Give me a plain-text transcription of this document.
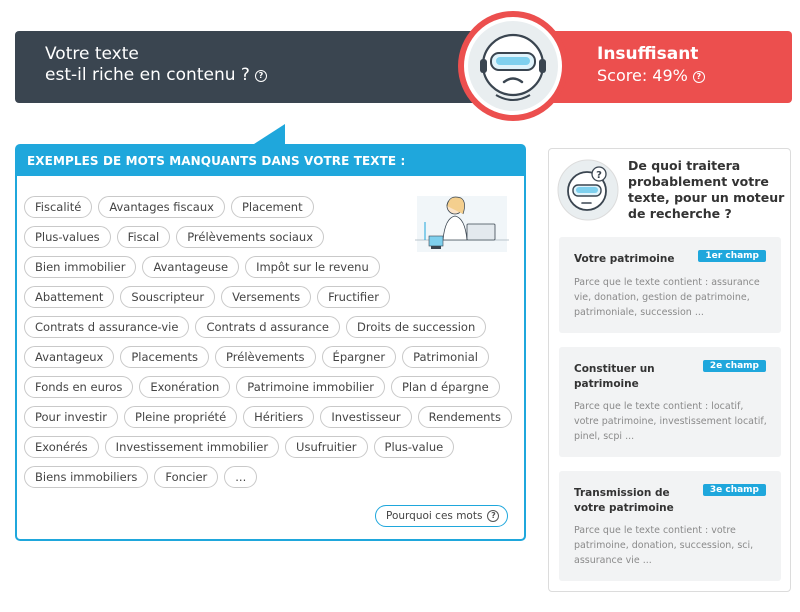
Votre texte
est-il riche en contenu ? ?
Insuffisant
Score: 49% ?
EXEMPLES DE MOTS MANQUANTS DANS VOTRE TEXTE :
Fiscalité	Avantages fiscaux	Placement
Plus-values	Fiscal	Prélèvements sociaux
Bien immobilier	Avantageuse	Impôt sur le revenu
Abattement	Souscripteur	Versements	Fructifier
Contrats d assurance-vie	Contrats d assurance	Droits de succession
Avantageux	Placements	Prélèvements	Épargner	Patrimonial
Fonds en euros	Exonération	Patrimoine immobilier	Plan d épargne
Pour investir	Pleine propriété	Héritiers	Investisseur	Rendements
Exonérés	Investissement immobilier	Usufruitier	Plus-value
Biens immobiliers	Foncier	...
Pourquoi ces mots ?
?
De quoi traitera probablement votre texte, pour un moteur de recherche ?
Votre patrimoine	1er champ
Parce que le texte contient : assurance vie, donation, gestion de patrimoine, patrimoniale, succession ...
Constituer un patrimoine
2e champ
Parce que le texte contient : locatif, votre patrimoine, investissement locatif, pinel, scpi ...
Transmission de votre patrimoine
3e champ
Parce que le texte contient : votre patrimoine, donation, succession, sci, assurance vie ...
